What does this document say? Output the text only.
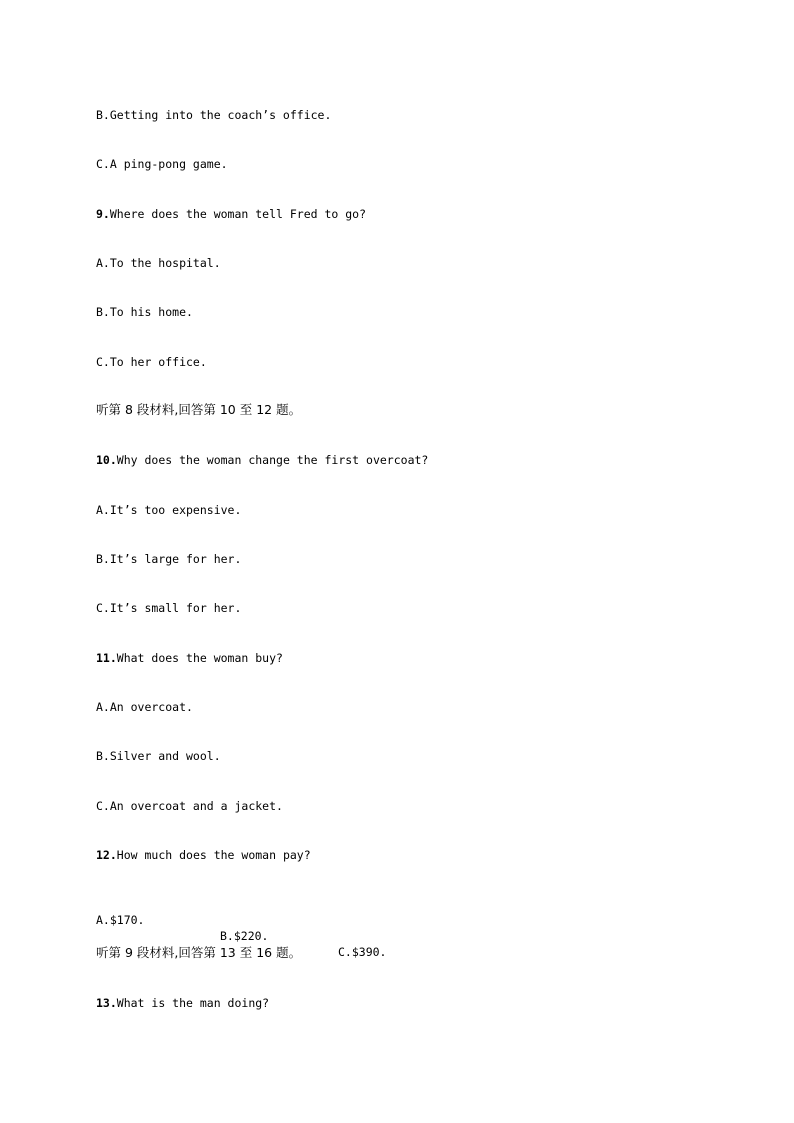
B.Getting into the coach’s office.
C.A ping-pong game.
9.Where does the woman tell Fred to go?
A.To the hospital.
B.To his home.
C.To her office.
听第 8 段材料,回答第 10 至 12 题。
10.Why does the woman change the first overcoat?
A.It’s too expensive.
B.It’s large for her.
C.It’s small for her.
11.What does the woman buy?
A.An overcoat.
B.Silver and wool.
C.An overcoat and a jacket.
12.How much does the woman pay?

A.$170.

B.$220.

C.$390.

听第 9 段材料,回答第 13 至 16 题。
13.What is the man doing?
